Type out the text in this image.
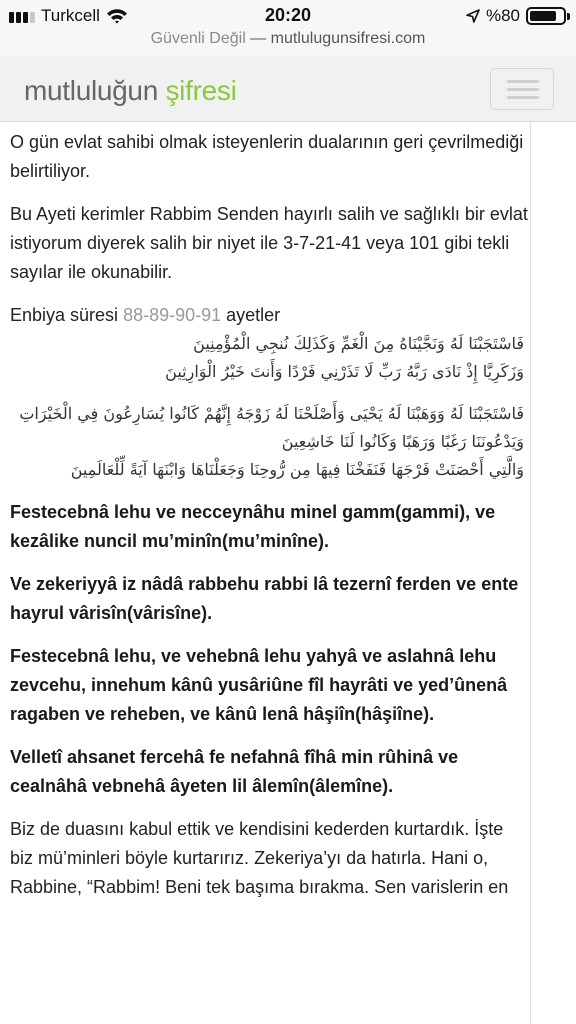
Turkcell	20:20	%80
Güvenli Değil — mutlulugunsifresi.com
mutluluğun şifresi

O gün evlat sahibi olmak isteyenlerin dualarının geri çevrilmediği belirtiliyor.

Bu Ayeti kerimler Rabbim Senden hayırlı salih ve sağlıklı bir evlat istiyorum diyerek salih bir niyet ile 3-7-21-41 veya 101 gibi tekli sayılar ile okunabilir.

Enbiya süresi 88-89-90-91 ayetler

فَاسْتَجَبْنَا لَهُ وَنَجَّيْنَاهُ مِنَ الْغَمِّ وَكَذَلِكَ نُنجِي الْمُؤْمِنِينَ
وَزَكَرِيَّا إِذْ نَادَى رَبَّهُ رَبِّ لَا تَذَرْنِي فَرْدًا وَأَنتَ خَيْرُ الْوَارِثِينَ
فَاسْتَجَبْنَا لَهُ وَوَهَبْنَا لَهُ يَحْيَى وَأَصْلَحْنَا لَهُ زَوْجَهُ إِنَّهُمْ كَانُوا يُسَارِعُونَ فِي الْخَيْرَاتِ وَيَدْعُونَنَا رَغَبًا وَرَهَبًا وَكَانُوا لَنَا خَاشِعِينَ
وَالَّتِي أَحْصَنَتْ فَرْجَهَا فَنَفَخْنَا فِيهَا مِن رُّوحِنَا وَجَعَلْنَاهَا وَابْنَهَا آيَةً لِّلْعَالَمِينَ

Festecebnâ lehu ve necceynâhu minel gamm(gammi), ve kezâlike nuncil mu’minîn(mu’minîne).

Ve zekeriyyâ iz nâdâ rabbehu rabbi lâ tezernî ferden ve ente hayrul vârisîn(vârisîne).

Festecebnâ lehu, ve vehebnâ lehu yahyâ ve aslahnâ lehu zevcehu, innehum kânû yusâriûne fîl hayrâti ve yed’ûnenâ ragaben ve reheben, ve kânû lenâ hâşiîn(hâşiîne).

Velletî ahsanet fercehâ fe nefahnâ fîhâ min rûhinâ ve cealnâhâ vebnehâ âyeten lil âlemîn(âlemîne).

Biz de duasını kabul ettik ve kendisini kederden kurtardık. İşte biz mü’minleri böyle kurtarırız. Zekeriya’yı da hatırla. Hani o, Rabbine, “Rabbim! Beni tek başıma bırakma. Sen varislerin en
